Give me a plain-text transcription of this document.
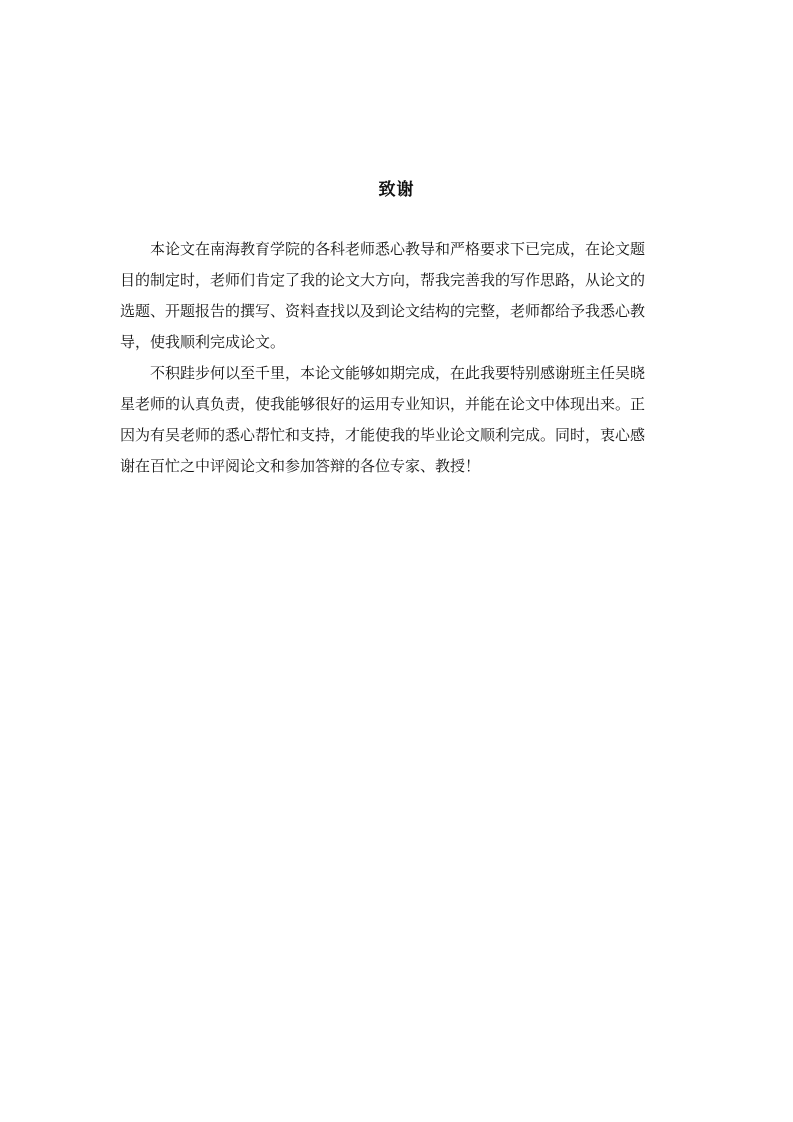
致谢
本论文在南海教育学院的各科老师悉心教导和严格要求下已完成，在论文题
目的制定时，老师们肯定了我的论文大方向，帮我完善我的写作思路，从论文的
选题、开题报告的撰写、资料查找以及到论文结构的完整，老师都给予我悉心教
导，使我顺利完成论文。
不积跬步何以至千里，本论文能够如期完成，在此我要特别感谢班主任吴晓
星老师的认真负责，使我能够很好的运用专业知识，并能在论文中体现出来。正
因为有吴老师的悉心帮忙和支持，才能使我的毕业论文顺利完成。同时，衷心感
谢在百忙之中评阅论文和参加答辩的各位专家、教授！
